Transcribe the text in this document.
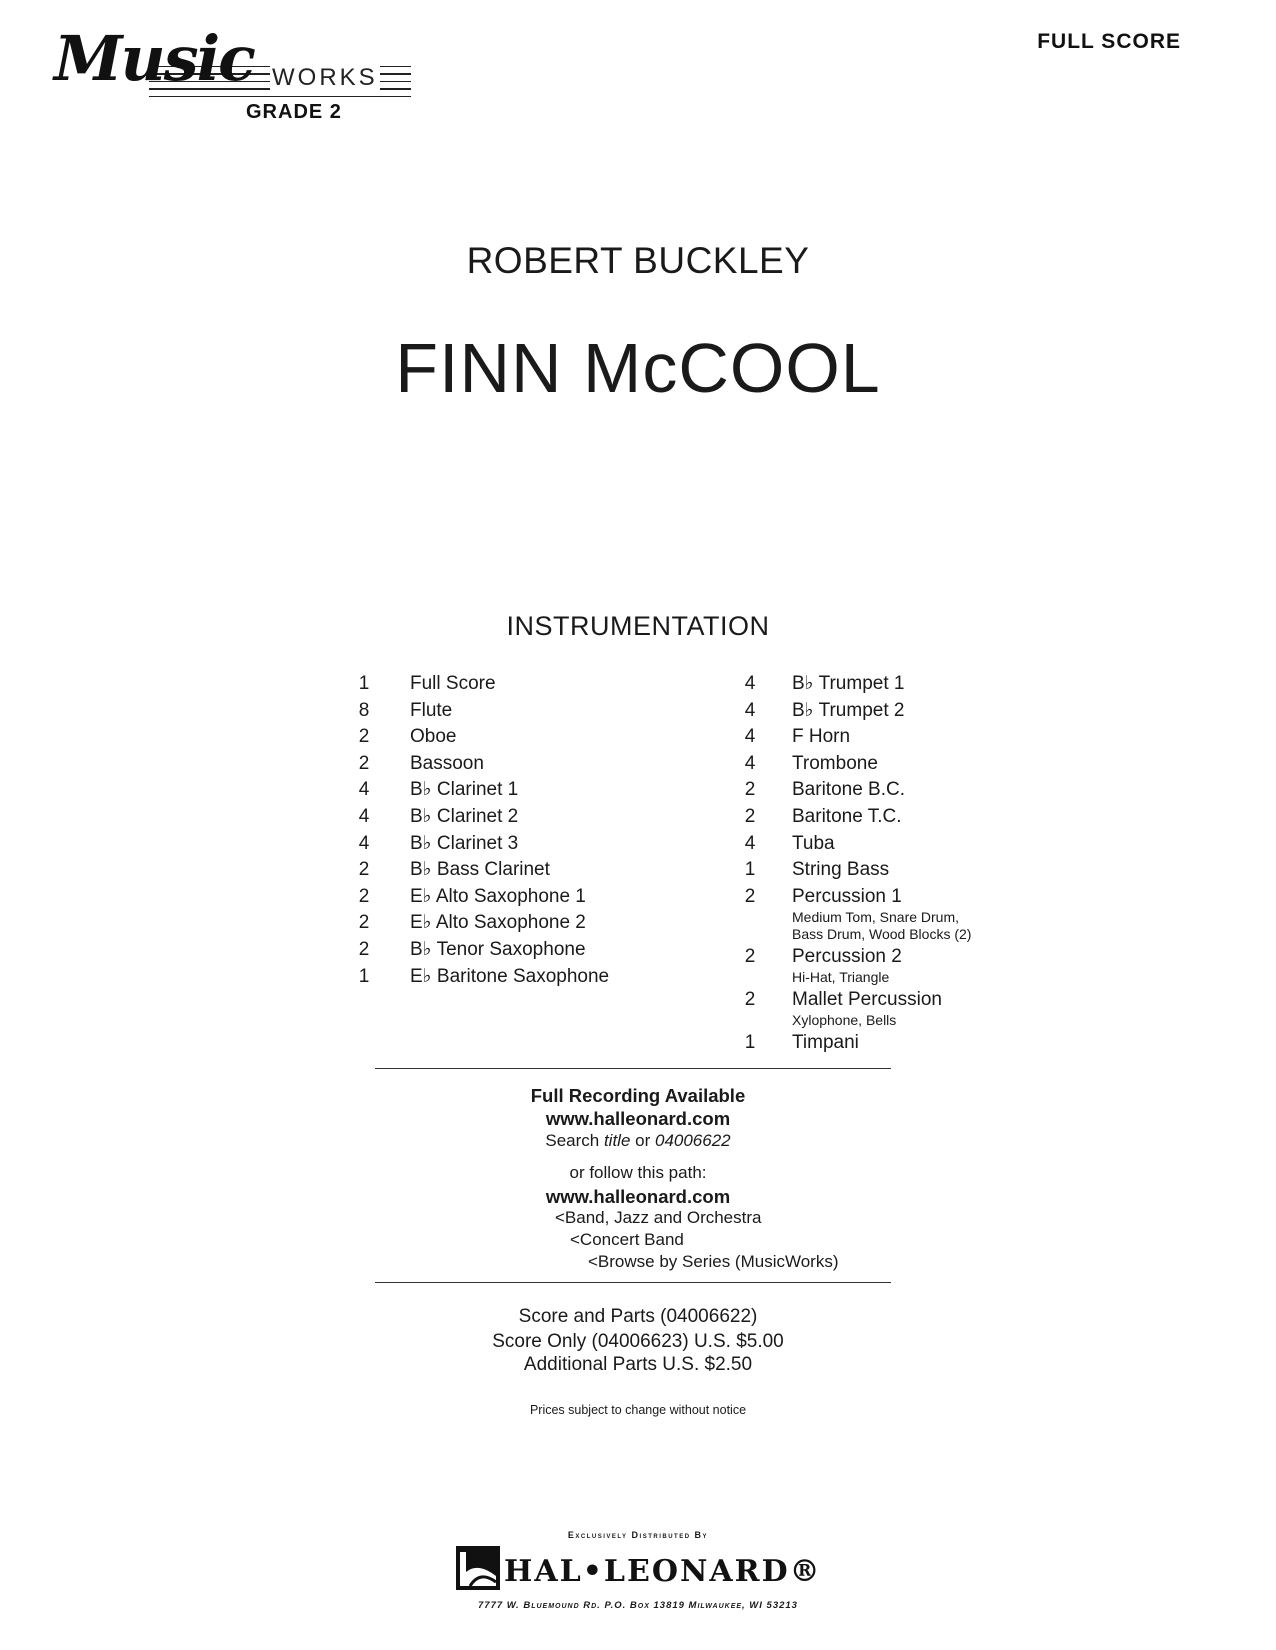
Music WORKS
GRADE 2
FULL SCORE
ROBERT BUCKLEY
FINN McCOOL
INSTRUMENTATION
1	Full Score
8	Flute
2	Oboe
2	Bassoon
4	B♭ Clarinet 1
4	B♭ Clarinet 2
4	B♭ Clarinet 3
2	B♭ Bass Clarinet
2	E♭ Alto Saxophone 1
2	E♭ Alto Saxophone 2
2	B♭ Tenor Saxophone
1	E♭ Baritone Saxophone
4	B♭ Trumpet 1
4	B♭ Trumpet 2
4	F Horn
4	Trombone
2	Baritone B.C.
2	Baritone T.C.
4	Tuba
1	String Bass
2	Percussion 1
Medium Tom, Snare Drum,
Bass Drum, Wood Blocks (2)
2	Percussion 2
Hi-Hat, Triangle
2	Mallet Percussion
Xylophone, Bells
1	Timpani
Full Recording Available
www.halleonard.com
Search title or 04006622
or follow this path:
www.halleonard.com
<Band, Jazz and Orchestra
<Concert Band
<Browse by Series (MusicWorks)
Score and Parts (04006622)
Score Only (04006623) U.S. $5.00
Additional Parts U.S. $2.50
Prices subject to change without notice
Exclusively Distributed By
HAL•LEONARD®
7777 W. Bluemound Rd. P.O. Box 13819 Milwaukee, WI 53213
